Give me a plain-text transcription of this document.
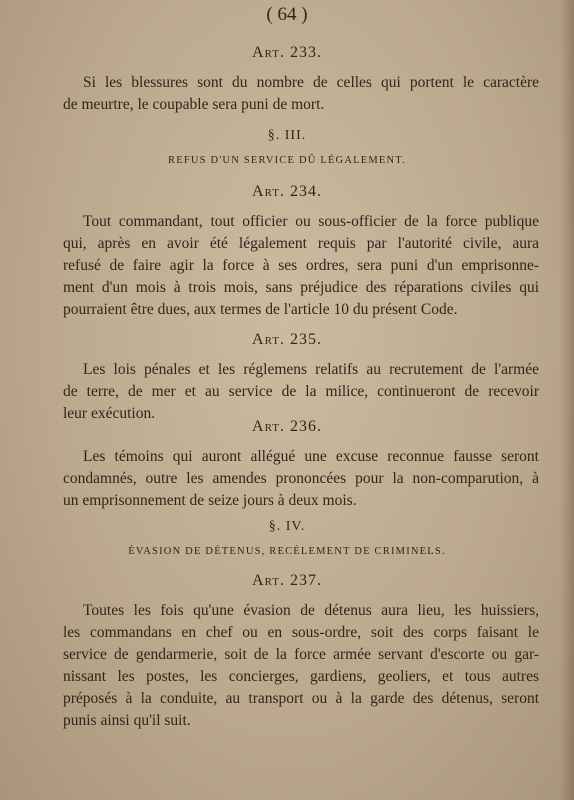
( 64 )
Art. 233.
Si les blessures sont du nombre de celles qui portent le caractère
de meurtre, le coupable sera puni de mort.
§. III.
REFUS D'UN SERVICE DÛ LÉGALEMENT.
Art. 234.
Tout commandant, tout officier ou sous-officier de la force publique
qui, après en avoir été légalement requis par l'autorité civile, aura
refusé de faire agir la force à ses ordres, sera puni d'un emprisonne-
ment d'un mois à trois mois, sans préjudice des réparations civiles qui
pourraient être dues, aux termes de l'article 10 du présent Code.
Art. 235.
Les lois pénales et les réglemens relatifs au recrutement de l'armée
de terre, de mer et au service de la milice, continueront de recevoir
leur exécution.
Art. 236.
Les témoins qui auront allégué une excuse reconnue fausse seront
condamnés, outre les amendes prononcées pour la non-comparution, à
un emprisonnement de seize jours à deux mois.
§. IV.
ÉVASION DE DÉTENUS, RECÉLEMENT DE CRIMINELS.
Art. 237.
Toutes les fois qu'une évasion de détenus aura lieu, les huissiers,
les commandans en chef ou en sous-ordre, soit des corps faisant le
service de gendarmerie, soit de la force armée servant d'escorte ou gar-
nissant les postes, les concierges, gardiens, geoliers, et tous autres
préposés à la conduite, au transport ou à la garde des détenus, seront
punis ainsi qu'il suit.
